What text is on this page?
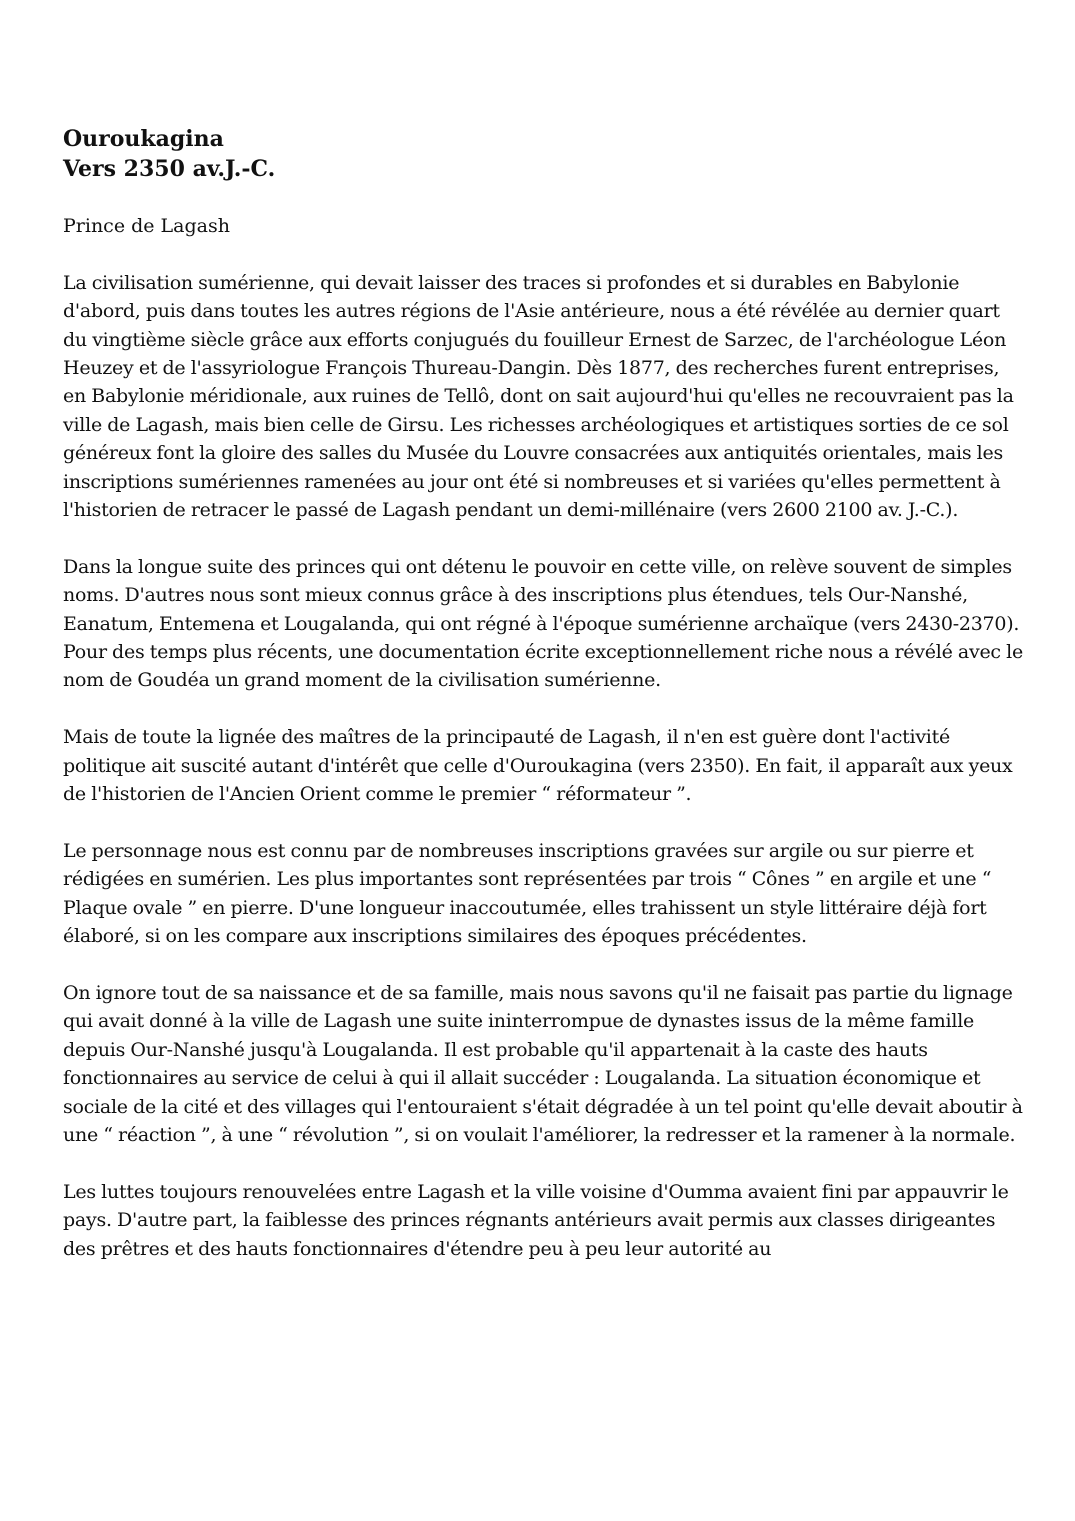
Ouroukagina
Vers 2350 av.J.-C.

Prince de Lagash

La civilisation sumérienne, qui devait laisser des traces si profondes et si durables en Babylonie d'abord, puis dans toutes les autres régions de l'Asie antérieure, nous a été révélée au dernier quart du vingtième siècle grâce aux efforts conjugués du fouilleur Ernest de Sarzec, de l'archéologue Léon Heuzey et de l'assyriologue François Thureau-Dangin. Dès 1877, des recherches furent entreprises, en Babylonie méridionale, aux ruines de Tellô, dont on sait aujourd'hui qu'elles ne recouvraient pas la ville de Lagash, mais bien celle de Girsu. Les richesses archéologiques et artistiques sorties de ce sol généreux font la gloire des salles du Musée du Louvre consacrées aux antiquités orientales, mais les inscriptions sumériennes ramenées au jour ont été si nombreuses et si variées qu'elles permettent à l'historien de retracer le passé de Lagash pendant un demi-millénaire (vers 2600 2100 av. J.-C.).

Dans la longue suite des princes qui ont détenu le pouvoir en cette ville, on relève souvent de simples noms. D'autres nous sont mieux connus grâce à des inscriptions plus étendues, tels Our-Nanshé, Eanatum, Entemena et Lougalanda, qui ont régné à l'époque sumérienne archaïque (vers 2430-2370). Pour des temps plus récents, une documentation écrite exceptionnellement riche nous a révélé avec le nom de Goudéa un grand moment de la civilisation sumérienne.

Mais de toute la lignée des maîtres de la principauté de Lagash, il n'en est guère dont l'activité politique ait suscité autant d'intérêt que celle d'Ouroukagina (vers 2350). En fait, il apparaît aux yeux de l'historien de l'Ancien Orient comme le premier “ réformateur ”.

Le personnage nous est connu par de nombreuses inscriptions gravées sur argile ou sur pierre et rédigées en sumérien. Les plus importantes sont représentées par trois “ Cônes ” en argile et une “ Plaque ovale ” en pierre. D'une longueur inaccoutumée, elles trahissent un style littéraire déjà fort élaboré, si on les compare aux inscriptions similaires des époques précédentes.

On ignore tout de sa naissance et de sa famille, mais nous savons qu'il ne faisait pas partie du lignage qui avait donné à la ville de Lagash une suite ininterrompue de dynastes issus de la même famille depuis Our-Nanshé jusqu'à Lougalanda. Il est probable qu'il appartenait à la caste des hauts fonctionnaires au service de celui à qui il allait succéder : Lougalanda. La situation économique et sociale de la cité et des villages qui l'entouraient s'était dégradée à un tel point qu'elle devait aboutir à une “ réaction ”, à une “ révolution ”, si on voulait l'améliorer, la redresser et la ramener à la normale.

Les luttes toujours renouvelées entre Lagash et la ville voisine d'Oumma avaient fini par appauvrir le pays. D'autre part, la faiblesse des princes régnants antérieurs avait permis aux classes dirigeantes des prêtres et des hauts fonctionnaires d'étendre peu à peu leur autorité au
